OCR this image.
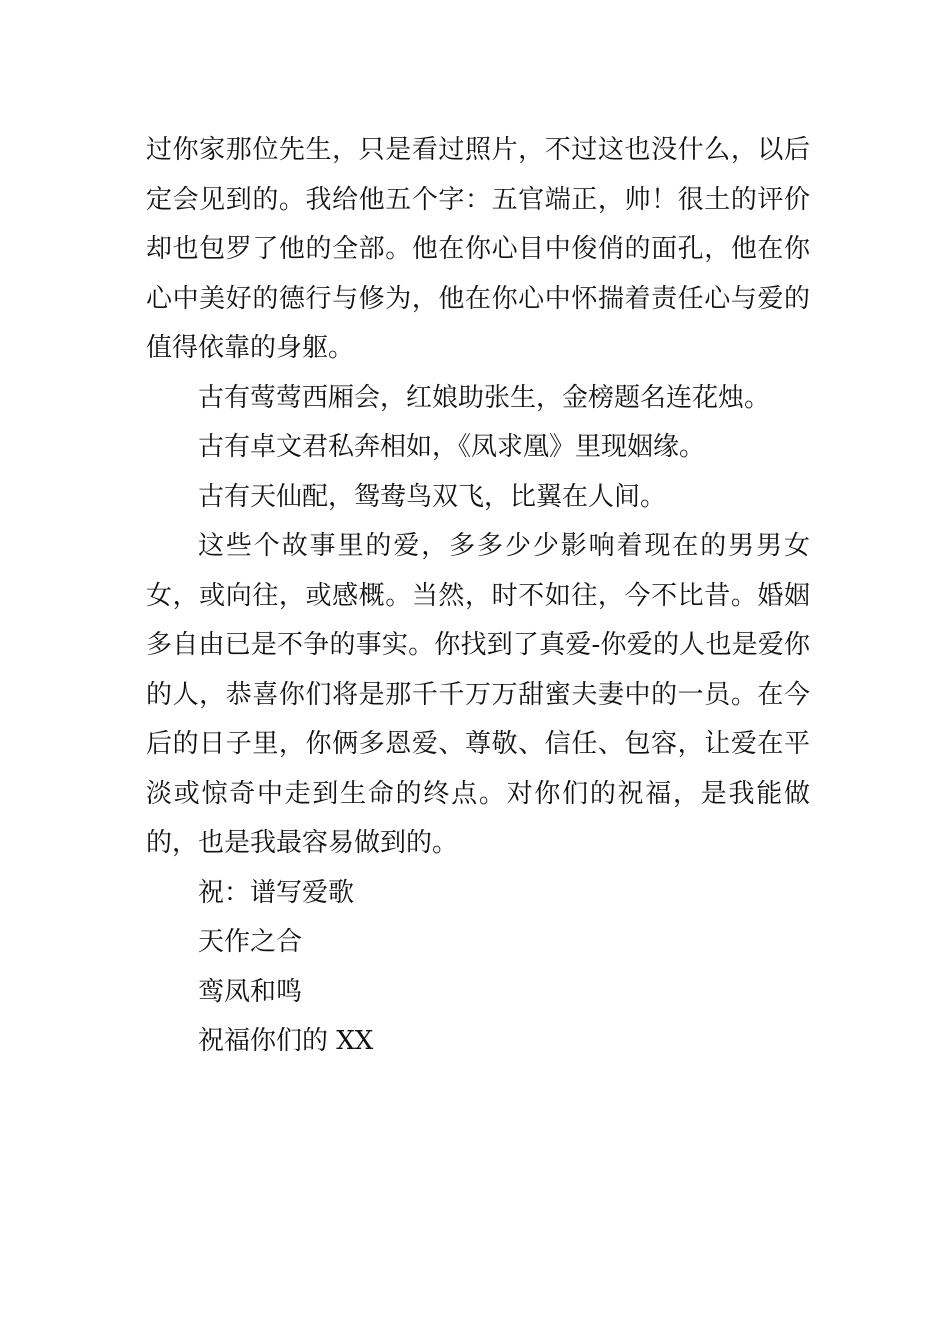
过你家那位先生，只是看过照片，不过这也没什么，以后定会见到的。我给他五个字：五官端正，帅！很土的评价却也包罗了他的全部。他在你心目中俊俏的面孔，他在你心中美好的德行与修为，他在你心中怀揣着责任心与爱的值得依靠的身躯。

古有莺莺西厢会，红娘助张生，金榜题名连花烛。

古有卓文君私奔相如，《凤求凰》里现姻缘。

古有天仙配，鸳鸯鸟双飞，比翼在人间。

这些个故事里的爱，多多少少影响着现在的男男女女，或向往，或感概。当然，时不如往，今不比昔。婚姻多自由已是不争的事实。你找到了真爱-你爱的人也是爱你的人，恭喜你们将是那千千万万甜蜜夫妻中的一员。在今后的日子里，你俩多恩爱、尊敬、信任、包容，让爱在平淡或惊奇中走到生命的终点。对你们的祝福，是我能做的，也是我最容易做到的。

祝：谱写爱歌

天作之合

鸾凤和鸣

祝福你们的 XX
